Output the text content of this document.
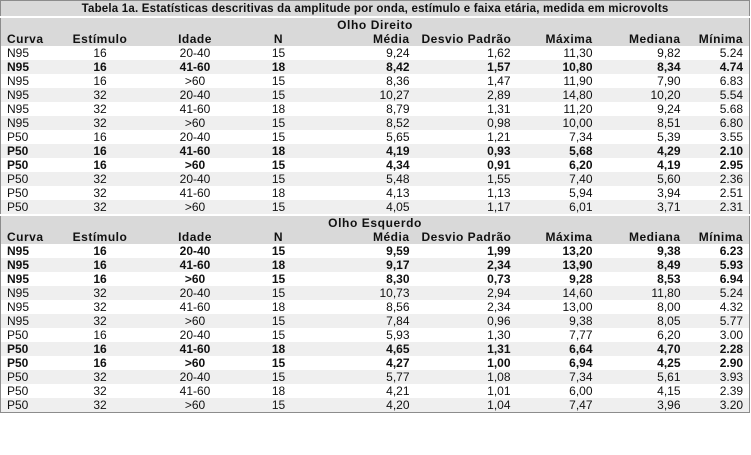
Tabela 1a. Estatísticas descritivas da amplitude por onda, estímulo e faixa etária, medida em microvolts								
Olho Direito								
Curva	Estímulo	Idade	N	Média	Desvio Padrão	Máxima	Mediana	Mínima
N95	16	20-40	15	9,24	1,62	11,30	9,82	5.24
N95	16	41-60	18	8,42	1,57	10,80	8,34	4.74
N95	16	>60	15	8,36	1,47	11,90	7,90	6.83
N95	32	20-40	15	10,27	2,89	14,80	10,20	5.54
N95	32	41-60	18	8,79	1,31	11,20	9,24	5.68
N95	32	>60	15	8,52	0,98	10,00	8,51	6.80
P50	16	20-40	15	5,65	1,21	7,34	5,39	3.55
P50	16	41-60	18	4,19	0,93	5,68	4,29	2.10
P50	16	>60	15	4,34	0,91	6,20	4,19	2.95
P50	32	20-40	15	5,48	1,55	7,40	5,60	2.36
P50	32	41-60	18	4,13	1,13	5,94	3,94	2.51
P50	32	>60	15	4,05	1,17	6,01	3,71	2.31
Olho Esquerdo								
Curva	Estímulo	Idade	N	Média	Desvio Padrão	Máxima	Mediana	Mínima
N95	16	20-40	15	9,59	1,99	13,20	9,38	6.23
N95	16	41-60	18	9,17	2,34	13,90	8,49	5.93
N95	16	>60	15	8,30	0,73	9,28	8,53	6.94
N95	32	20-40	15	10,73	2,94	14,60	11,80	5.24
N95	32	41-60	18	8,56	2,34	13,00	8,00	4.32
N95	32	>60	15	7,84	0,96	9,38	8,05	5.77
P50	16	20-40	15	5,93	1,30	7,77	6,20	3.00
P50	16	41-60	18	4,65	1,31	6,64	4,70	2.28
P50	16	>60	15	4,27	1,00	6,94	4,25	2.90
P50	32	20-40	15	5,77	1,08	7,34	5,61	3.93
P50	32	41-60	18	4,21	1,01	6,00	4,15	2.39
P50	32	>60	15	4,20	1,04	7,47	3,96	3.20
